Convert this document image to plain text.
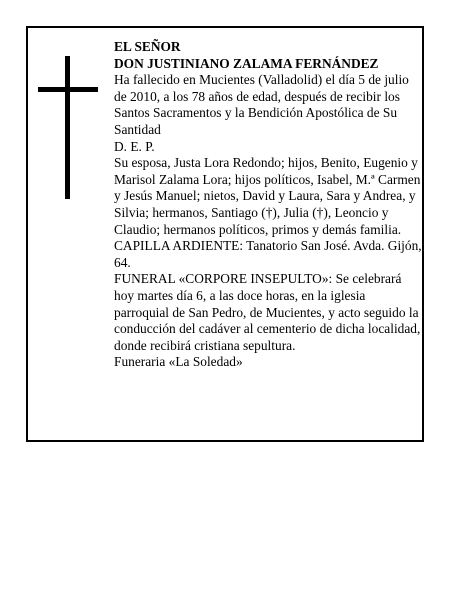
EL SEÑOR

DON JUSTINIANO ZALAMA FERNÁNDEZ

Ha fallecido en Mucientes (Valladolid) el día 5 de julio de 2010, a los 78 años de edad, después de recibir los Santos Sacramentos y la Bendición Apostólica de Su Santidad

D. E. P.

Su esposa, Justa Lora Redondo; hijos, Benito, Eugenio y Marisol Zalama Lora; hijos políticos, Isabel, M.ª Carmen y Jesús Manuel; nietos, David y Laura, Sara y Andrea, y Silvia; hermanos, Santiago (†), Julia (†), Leoncio y Claudio; hermanos políticos, primos y demás familia.

CAPILLA ARDIENTE: Tanatorio San José. Avda. Gijón, 64.

FUNERAL «CORPORE INSEPULTO»: Se celebrará hoy martes día 6, a las doce horas, en la iglesia parroquial de San Pedro, de Mucientes, y acto seguido la conducción del cadáver al cementerio de dicha localidad, donde recibirá cristiana sepultura.

Funeraria «La Soledad»
